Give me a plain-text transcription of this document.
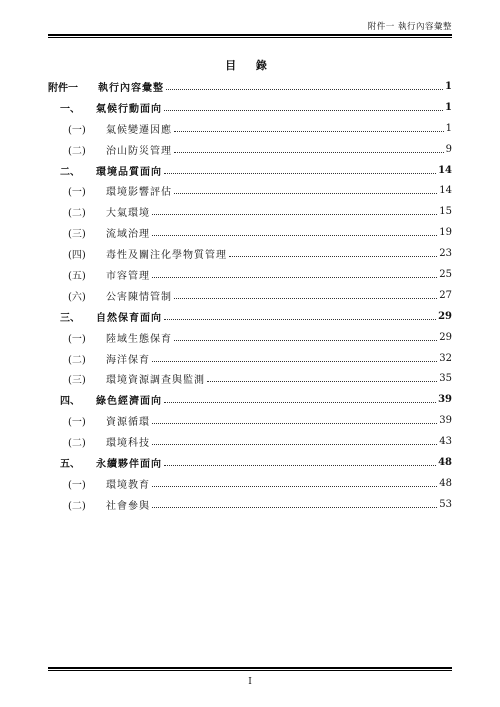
附件一 執行內容彙整
目 錄
附件一	執行內容彙整	1
一、	氣候行動面向	1
(一)	氣候變遷因應	1
(二)	治山防災管理	9
二、	環境品質面向	14
(一)	環境影響評估	14
(二)	大氣環境	15
(三)	流域治理	19
(四)	毒性及關注化學物質管理	23
(五)	市容管理	25
(六)	公害陳情管制	27
三、	自然保育面向	29
(一)	陸域生態保育	29
(二)	海洋保育	32
(三)	環境資源調查與監測	35
四、	綠色經濟面向	39
(一)	資源循環	39
(二)	環境科技	43
五、	永續夥伴面向	48
(一)	環境教育	48
(二)	社會參與	53
I
